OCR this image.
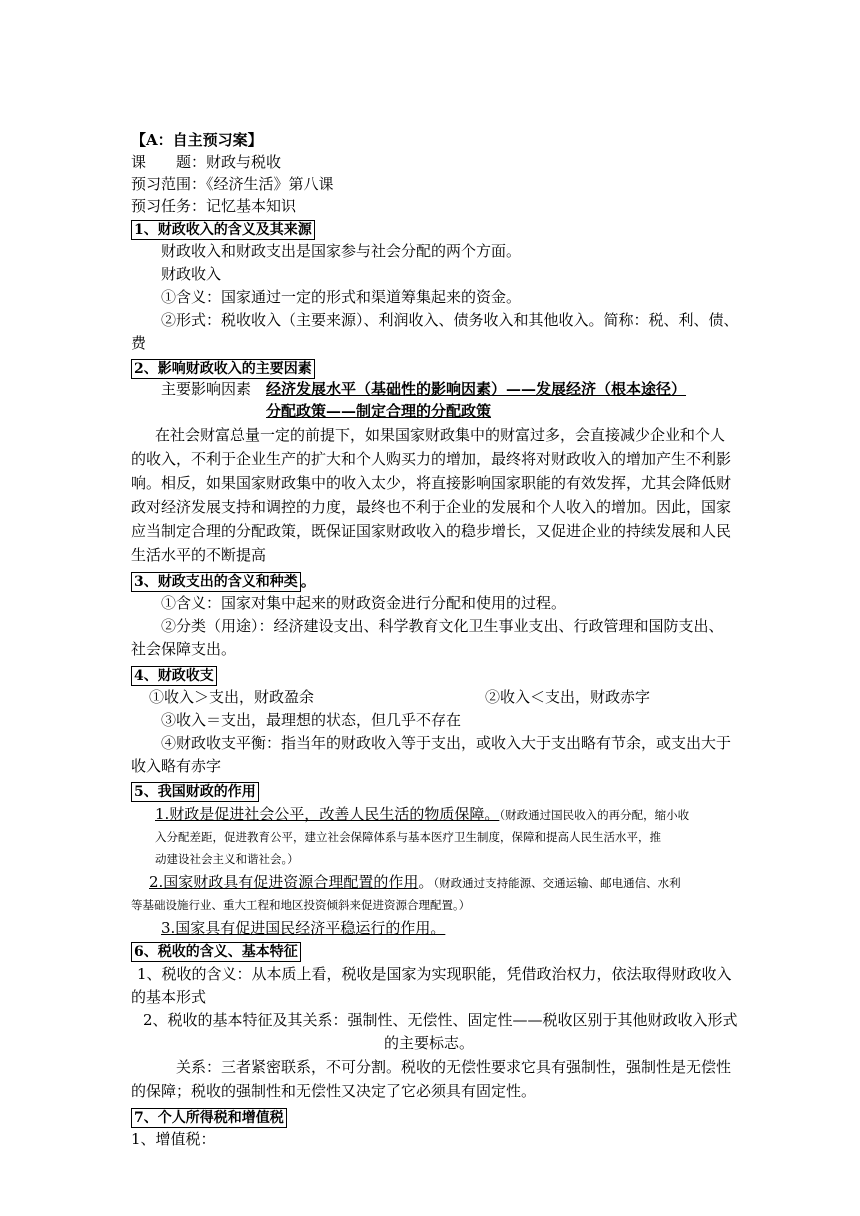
【A：自主预习案】
课　　题：财政与税收
预习范围：《经济生活》第八课
预习任务：记忆基本知识
1、财政收入的含义及其来源
财政收入和财政支出是国家参与社会分配的两个方面。
财政收入
①含义：国家通过一定的形式和渠道筹集起来的资金。
②形式：税收收入（主要来源）、利润收入、债务收入和其他收入。简称：税、利、债、
费
2、影响财政收入的主要因素
主要影响因素 经济发展水平（基础性的影响因素）——发展经济（根本途径）
分配政策——制定合理的分配政策
在社会财富总量一定的前提下，如果国家财政集中的财富过多，会直接减少企业和个人
的收入，不利于企业生产的扩大和个人购买力的增加，最终将对财政收入的增加产生不利影
响。相反，如果国家财政集中的收入太少，将直接影响国家职能的有效发挥，尤其会降低财
政对经济发展支持和调控的力度，最终也不利于企业的发展和个人收入的增加。因此，国家
应当制定合理的分配政策，既保证国家财政收入的稳步增长，又促进企业的持续发展和人民
生活水平的不断提高
3、财政支出的含义和种类 。
①含义：国家对集中起来的财政资金进行分配和使用的过程。
②分类（用途）：经济建设支出、科学教育文化卫生事业支出、行政管理和国防支出、
社会保障支出。
4、财政收支
①收入＞支出，财政盈余	②收入＜支出，财政赤字
③收入＝支出，最理想的状态，但几乎不存在
④财政收支平衡：指当年的财政收入等于支出，或收入大于支出略有节余，或支出大于
收入略有赤字
5、我国财政的作用
1.财政是促进社会公平，改善人民生活的物质保障。（财政通过国民收入的再分配，缩小收
入分配差距，促进教育公平，建立社会保障体系与基本医疗卫生制度，保障和提高人民生活水平，推
动建设社会主义和谐社会。）
2.国家财政具有促进资源合理配置的作用。（财政通过支持能源、交通运输、邮电通信、水利
等基础设施行业、重大工程和地区投资倾斜来促进资源合理配置。）
3.国家具有促进国民经济平稳运行的作用。
6、税收的含义、基本特征
1、税收的含义：从本质上看，税收是国家为实现职能，凭借政治权力，依法取得财政收入
的基本形式
2、税收的基本特征及其关系：强制性、无偿性、固定性——税收区别于其他财政收入形式
的主要标志。
关系：三者紧密联系，不可分割。税收的无偿性要求它具有强制性，强制性是无偿性
的保障；税收的强制性和无偿性又决定了它必须具有固定性。
7、个人所得税和增值税
1、增值税：
